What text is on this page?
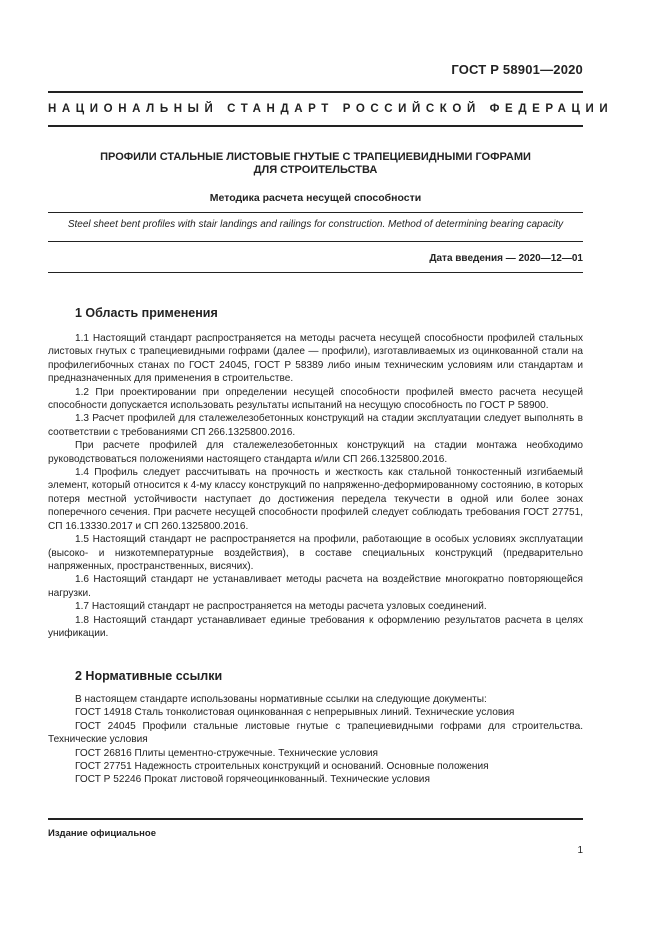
ГОСТ Р 58901—2020
НАЦИОНАЛЬНЫЙ СТАНДАРТ РОССИЙСКОЙ ФЕДЕРАЦИИ
ПРОФИЛИ СТАЛЬНЫЕ ЛИСТОВЫЕ ГНУТЫЕ С ТРАПЕЦИЕВИДНЫМИ ГОФРАМИ
ДЛЯ СТРОИТЕЛЬСТВА
Методика расчета несущей способности
Steel sheet bent profiles with stair landings and railings for construction. Method of determining bearing capacity
Дата введения — 2020—12—01
1 Область применения

1.1 Настоящий стандарт распространяется на методы расчета несущей способности профилей стальных листовых гнутых с трапециевидными гофрами (далее — профили), изготавливаемых из оцинкованной стали на профилегибочных станах по ГОСТ 24045, ГОСТ Р 58389 либо иным техническим условиям или стандартам и предназначенных для применения в строительстве.

1.2 При проектировании при определении несущей способности профилей вместо расчета несущей способности допускается использовать результаты испытаний на несущую способность по ГОСТ Р 58900.

1.3 Расчет профилей для сталежелезобетонных конструкций на стадии эксплуатации следует выполнять в соответствии с требованиями СП 266.1325800.2016.

При расчете профилей для сталежелезобетонных конструкций на стадии монтажа необходимо руководствоваться положениями настоящего стандарта и/или СП 266.1325800.2016.

1.4 Профиль следует рассчитывать на прочность и жесткость как стальной тонкостенный изгибаемый элемент, который относится к 4-му классу конструкций по напряженно-деформированному состоянию, в которых потеря местной устойчивости наступает до достижения передела текучести в одной или более зонах поперечного сечения. При расчете несущей способности профилей следует соблюдать требования ГОСТ 27751, СП 16.13330.2017 и СП 260.1325800.2016.

1.5 Настоящий стандарт не распространяется на профили, работающие в особых условиях эксплуатации (высоко- и низкотемпературные воздействия), в составе специальных конструкций (предварительно напряженных, пространственных, висячих).

1.6 Настоящий стандарт не устанавливает методы расчета на воздействие многократно повторяющейся нагрузки.

1.7 Настоящий стандарт не распространяется на методы расчета узловых соединений.

1.8 Настоящий стандарт устанавливает единые требования к оформлению результатов расчета в целях унификации.

2 Нормативные ссылки

В настоящем стандарте использованы нормативные ссылки на следующие документы:

ГОСТ 14918 Сталь тонколистовая оцинкованная с непрерывных линий. Технические условия

ГОСТ 24045 Профили стальные листовые гнутые с трапециевидными гофрами для строительства. Технические условия

ГОСТ 26816 Плиты цементно-стружечные. Технические условия

ГОСТ 27751 Надежность строительных конструкций и оснований. Основные положения

ГОСТ Р 52246 Прокат листовой горячеоцинкованный. Технические условия

Издание официальное
1
